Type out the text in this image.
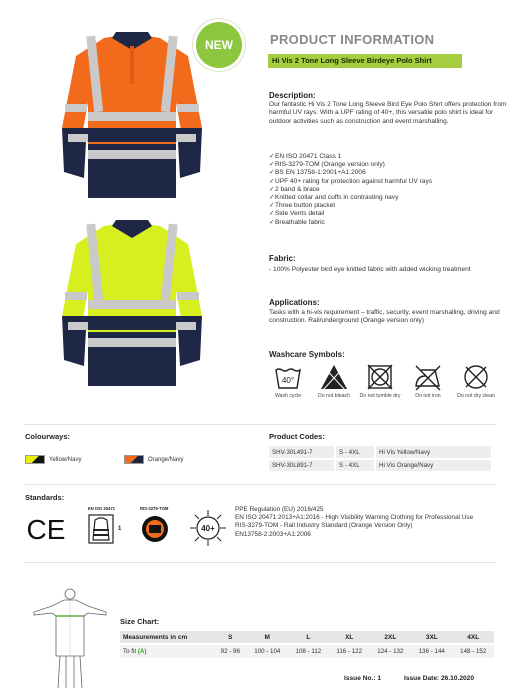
NEW	PRODUCT INFORMATION
Hi Vis 2 Tone Long Sleeve Birdeye Polo Shirt
Description:
Our fantastic Hi Vis 2 Tone Long Sleeve Bird Eye Polo Shirt offers protection from harmful UV rays. With a UPF rating of 40+, this versatile polo shirt is ideal for outdoor activities such as construction and event marshalling.
✓EN ISO 20471 Class 1
✓RIS-3279-TOM (Orange version only)
✓BS EN 13758-1:2001+A1:2006
✓UPF 40+ rating for protection against harmful UV rays
✓2 band & brace
✓Knitted collar and cuffs in contrasting navy
✓Three button placket
✓Side Vents detail
✓Breathable fabric
Fabric:
- 100% Polyester bird eye knitted fabric with added wicking treatment
Applications:
Tasks with a hi-vis requirement – traffic, security, event marshalling, driving and construction. Rail/underground (Orange version only)
Washcare Symbols:
40°
Wash cycle	Do not bleach	Do not tumble dry	Do not iron	Do not dry clean
Colourways:
Yellow/Navy	Orange/Navy
Product Codes:
SHV-30L491-7	S - 4XL	Hi Vis Yellow/Navy
SHV-30L891-7	S - 4XL	Hi Vis Orange/Navy
Standards:
CE
EN ISO 20471
1
RIS-3279-TOM
40+
PPE Regulation (EU) 2016/425
EN ISO 20471:2013+A1:2016 - High Visibility Warning Clothing for Professional Use
RIS-3279-TOM - Rail Industry Standard (Orange Version Only)
EN13758-2:2003+A1:2006
Size Chart:
Measurements in cm	S	M	L	XL	2XL	3XL	4XL
To fit (A)	92 - 96	100 - 104	108 - 112	116 - 122	124 - 132	136 - 144	148 - 152
Issue No.: 1	Issue Date: 26.10.2020
